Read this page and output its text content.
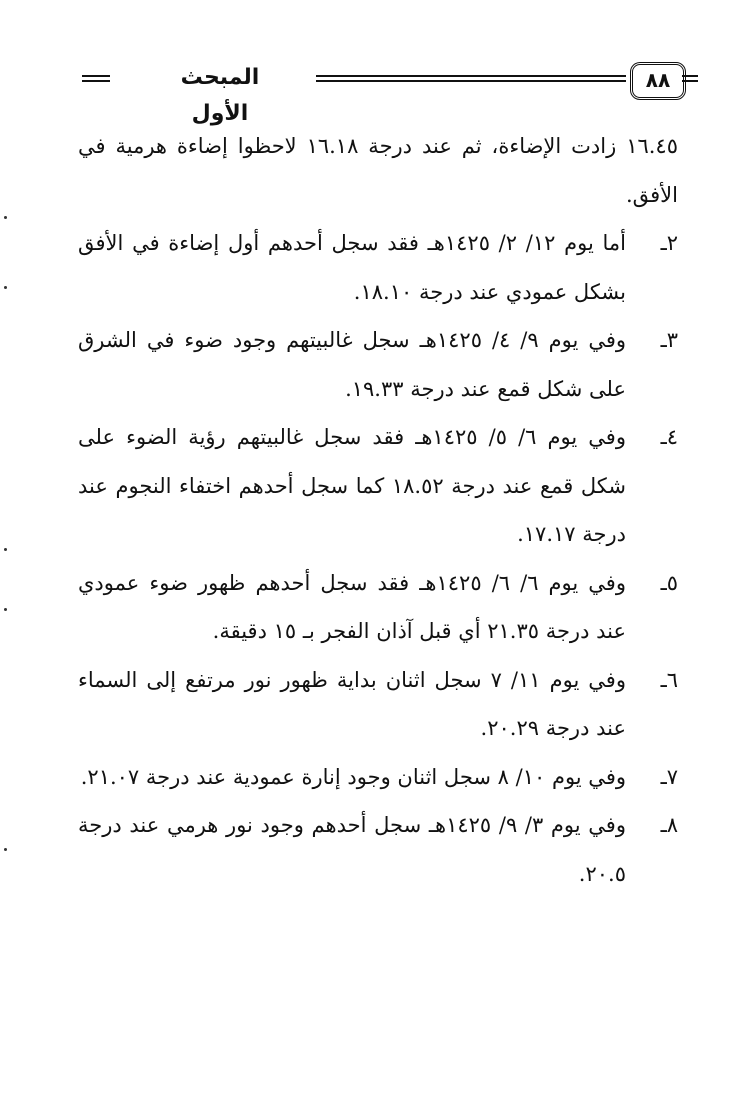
المبحث الأول
٨٨

١٦.٤٥ زادت الإضاءة، ثم عند درجة ١٦.١٨ لاحظوا إضاءة هرمية في الأفق.

٢ـ
أما يوم ١٢/ ٢/ ١٤٢٥هـ فقد سجل أحدهم أول إضاءة في الأفق بشكل عمودي عند درجة ١٨.١٠.
٣ـ
وفي يوم ٩/ ٤/ ١٤٢٥هـ سجل غالبيتهم وجود ضوء في الشرق على شكل قمع عند درجة ١٩.٣٣.
٤ـ
وفي يوم ٦/ ٥/ ١٤٢٥هـ فقد سجل غالبيتهم رؤية الضوء على شكل قمع عند درجة ١٨.٥٢ كما سجل أحدهم اختفاء النجوم عند درجة ١٧.١٧.
٥ـ
وفي يوم ٦/ ٦/ ١٤٢٥هـ فقد سجل أحدهم ظهور ضوء عمودي عند درجة ٢١.٣٥ أي قبل آذان الفجر بـ ١٥ دقيقة.
٦ـ
وفي يوم ١١/ ٧ سجل اثنان بداية ظهور نور مرتفع إلى السماء عند درجة ٢٠.٢٩.
٧ـ
وفي يوم ١٠/ ٨ سجل اثنان وجود إنارة عمودية عند درجة ٢١.٠٧.
٨ـ
وفي يوم ٣/ ٩/ ١٤٢٥هـ سجل أحدهم وجود نور هرمي عند درجة ٢٠.٥.
